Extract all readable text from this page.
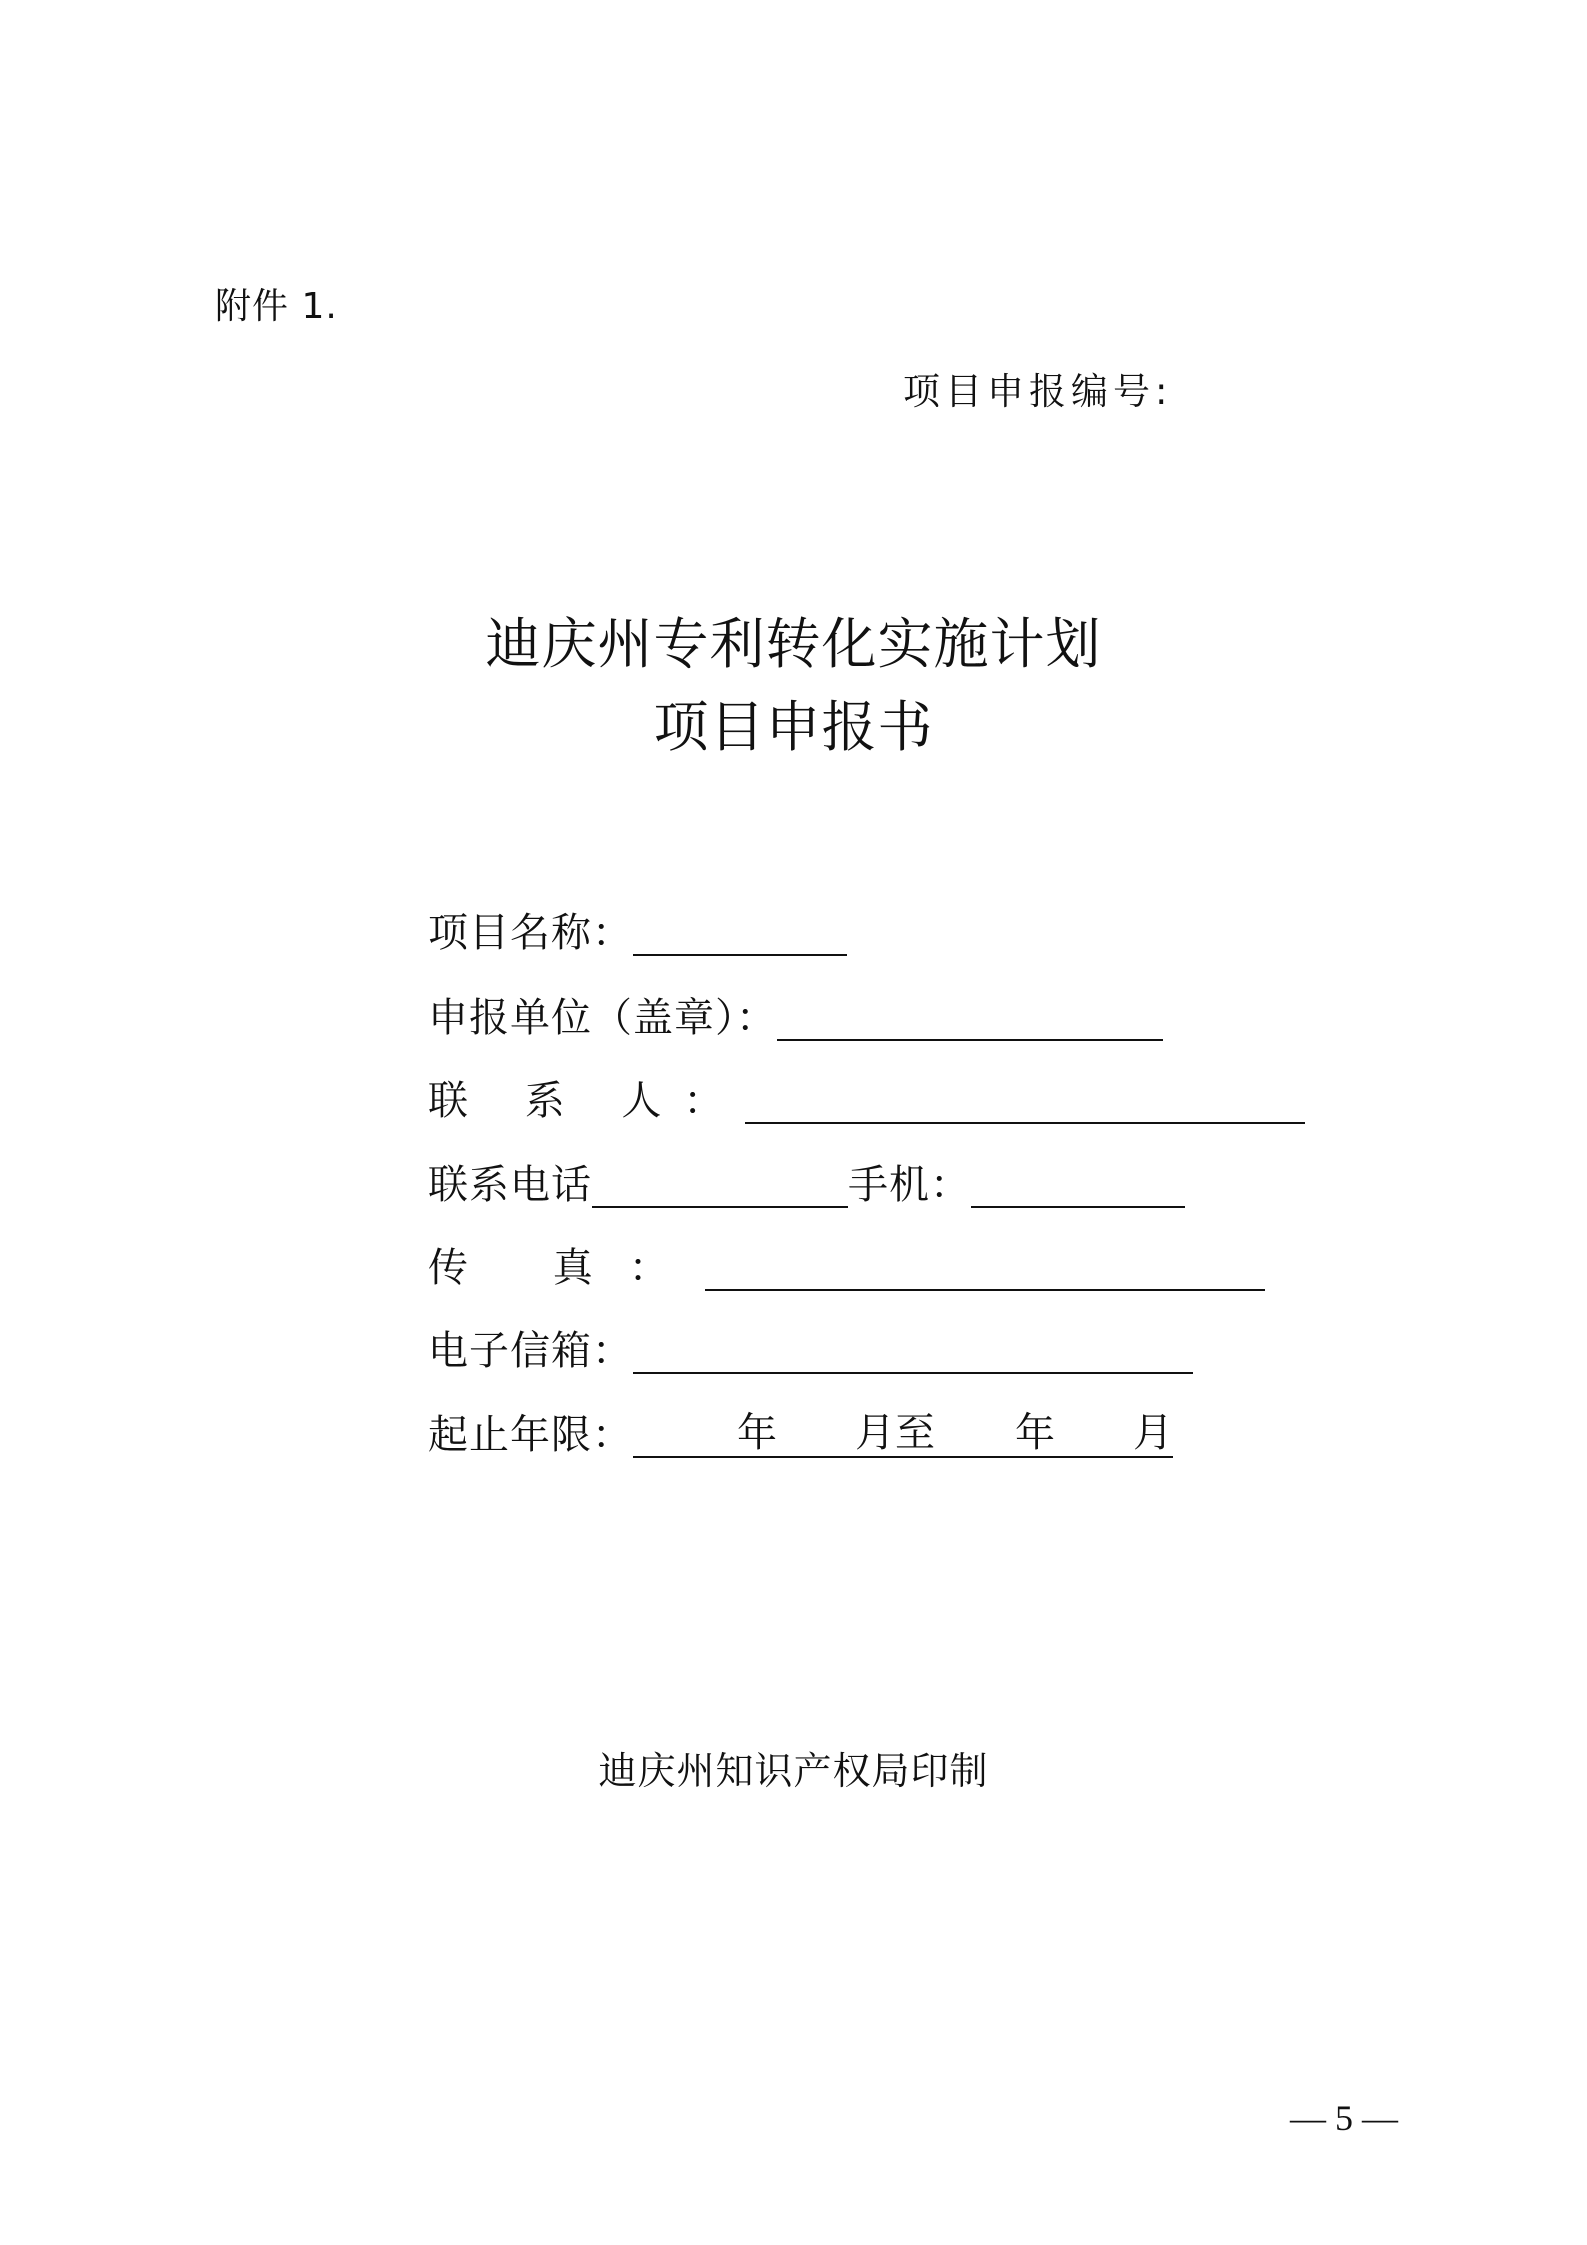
附件 1.
项目申报编号:
迪庆州专利转化实施计划
项目申报书
项目名称：
申报单位（盖章）：
联 系 人：
联系电话	手机：
传 真：
电子信箱：
起止年限：	年 月至 年 月
迪庆州知识产权局印制
— 5 —
